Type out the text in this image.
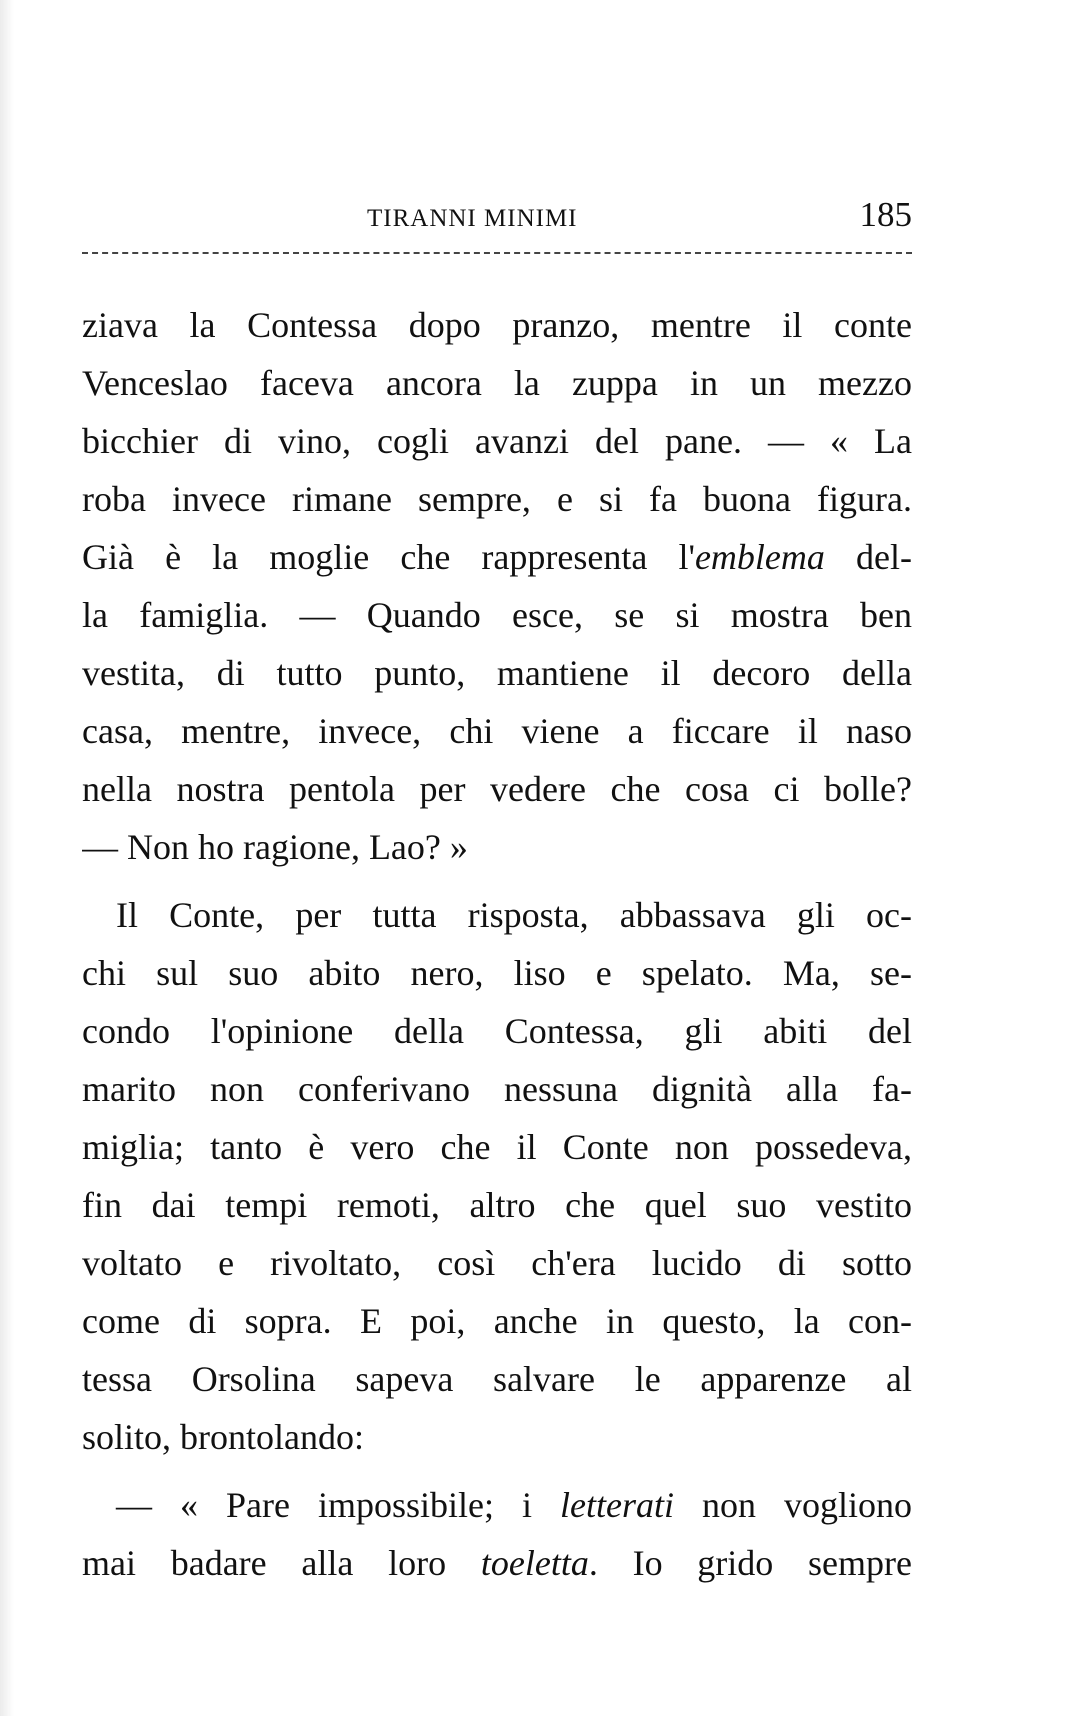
TIRANNI MINIMI	185
ziava la Contessa dopo pranzo, mentre il conte
Venceslao faceva ancora la zuppa in un mezzo
bicchier di vino, cogli avanzi del pane. — « La
roba invece rimane sempre, e si fa buona figura.
Già è la moglie che rappresenta l'emblema del-
la famiglia. — Quando esce, se si mostra ben
vestita, di tutto punto, mantiene il decoro della
casa, mentre, invece, chi viene a ficcare il naso
nella nostra pentola per vedere che cosa ci bolle?
— Non ho ragione, Lao? »
Il Conte, per tutta risposta, abbassava gli oc-
chi sul suo abito nero, liso e spelato. Ma, se-
condo l'opinione della Contessa, gli abiti del
marito non conferivano nessuna dignità alla fa-
miglia; tanto è vero che il Conte non possedeva,
fin dai tempi remoti, altro che quel suo vestito
voltato e rivoltato, così ch'era lucido di sotto
come di sopra. E poi, anche in questo, la con-
tessa Orsolina sapeva salvare le apparenze al
solito, brontolando:
— « Pare impossibile; i letterati non vogliono
mai badare alla loro toeletta. Io grido sempre
